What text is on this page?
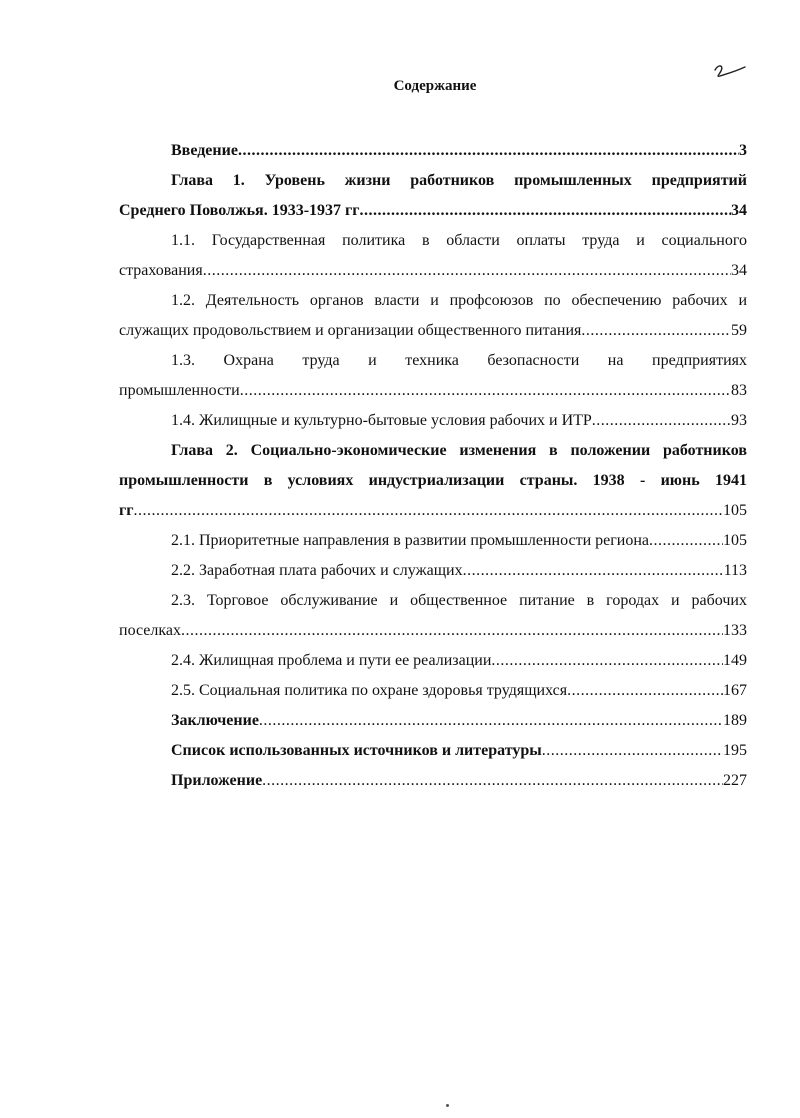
Содержание
Введение .....	3
Глава 1. Уровень жизни работников промышленных предприятий
Среднего Поволжья. 1933-1937 гг .....	34
1.1. Государственная политика в области оплаты труда и социального
страхования .....	34
1.2. Деятельность органов власти и профсоюзов по обеспечению рабочих и
служащих продовольствием и организации общественного питания .....	59
1.3. Охрана труда и техника безопасности на предприятиях
промышленности .....	83
1.4. Жилищные и культурно-бытовые условия рабочих и ИТР .....	93
Глава 2. Социально-экономические изменения в положении работников
промышленности в условиях индустриализации страны. 1938 - июнь 1941
гг .....	105
2.1. Приоритетные направления в развитии промышленности региона .....	105
2.2. Заработная плата рабочих и служащих .....	113
2.3. Торговое обслуживание и общественное питание в городах и рабочих
поселках .....	133
2.4. Жилищная проблема и пути ее реализации .....	149
2.5. Социальная политика по охране здоровья трудящихся .....	167
Заключение .....	189
Список использованных источников и литературы .....	195
Приложение .....	227
